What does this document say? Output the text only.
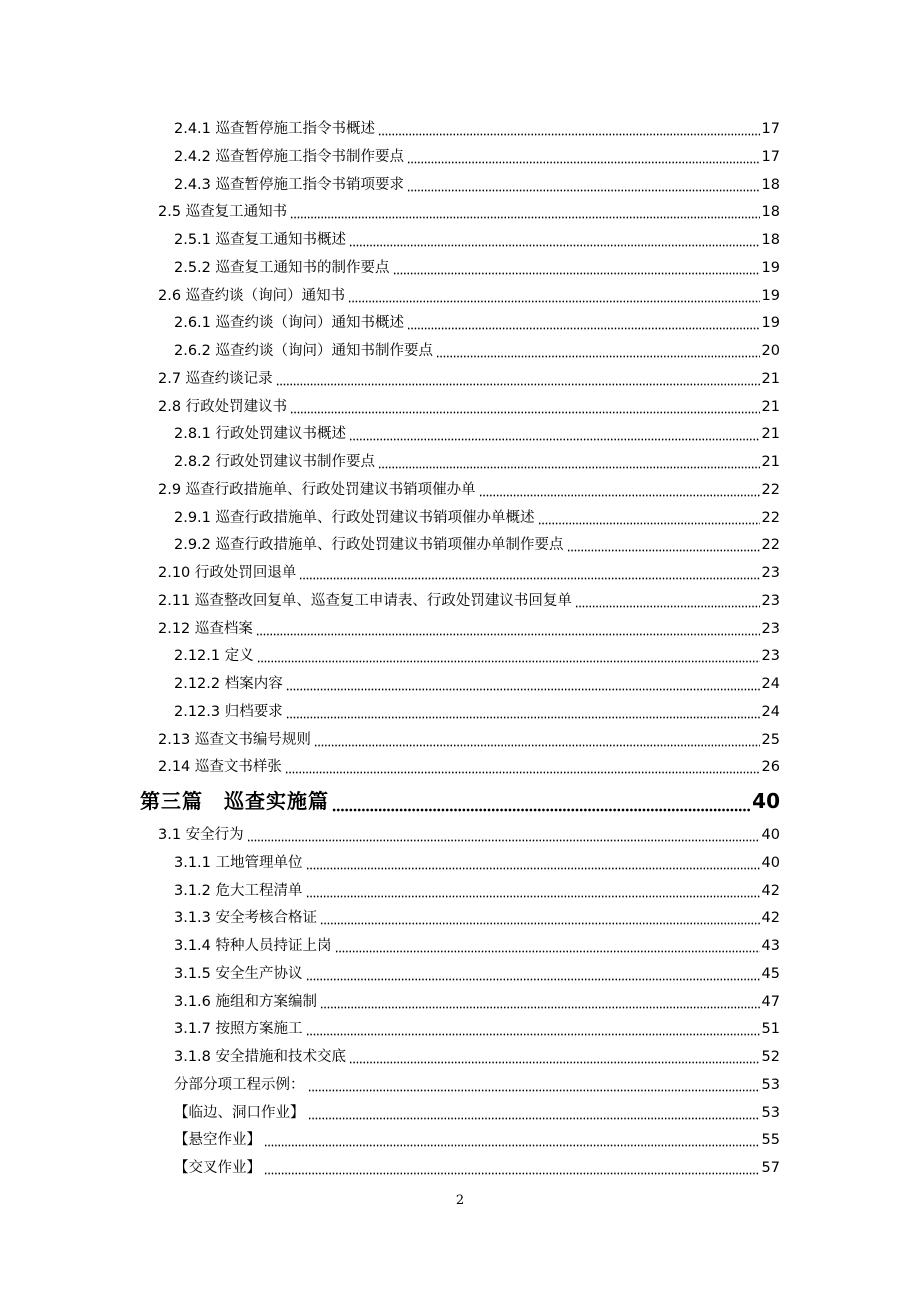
2.4.1 巡查暂停施工指令书概述	17
2.4.2 巡查暂停施工指令书制作要点	17
2.4.3 巡查暂停施工指令书销项要求	18
2.5 巡查复工通知书	18
2.5.1 巡查复工通知书概述	18
2.5.2 巡查复工通知书的制作要点	19
2.6 巡查约谈（询问）通知书	19
2.6.1 巡查约谈（询问）通知书概述	19
2.6.2 巡查约谈（询问）通知书制作要点	20
2.7 巡查约谈记录	21
2.8 行政处罚建议书	21
2.8.1 行政处罚建议书概述	21
2.8.2 行政处罚建议书制作要点	21
2.9 巡查行政措施单、行政处罚建议书销项催办单	22
2.9.1 巡查行政措施单、行政处罚建议书销项催办单概述	22
2.9.2 巡查行政措施单、行政处罚建议书销项催办单制作要点	22
2.10 行政处罚回退单	23
2.11 巡查整改回复单、巡查复工申请表、行政处罚建议书回复单	23
2.12 巡查档案	23
2.12.1 定义	23
2.12.2 档案内容	24
2.12.3 归档要求	24
2.13 巡查文书编号规则	25
2.14 巡查文书样张	26
第三篇　巡查实施篇	40
3.1 安全行为	40
3.1.1 工地管理单位	40
3.1.2 危大工程清单	42
3.1.3 安全考核合格证	42
3.1.4 特种人员持证上岗	43
3.1.5 安全生产协议	45
3.1.6 施组和方案编制	47
3.1.7 按照方案施工	51
3.1.8 安全措施和技术交底	52
分部分项工程示例：	53
【临边、洞口作业】	53
【悬空作业】	55
【交叉作业】	57
2
